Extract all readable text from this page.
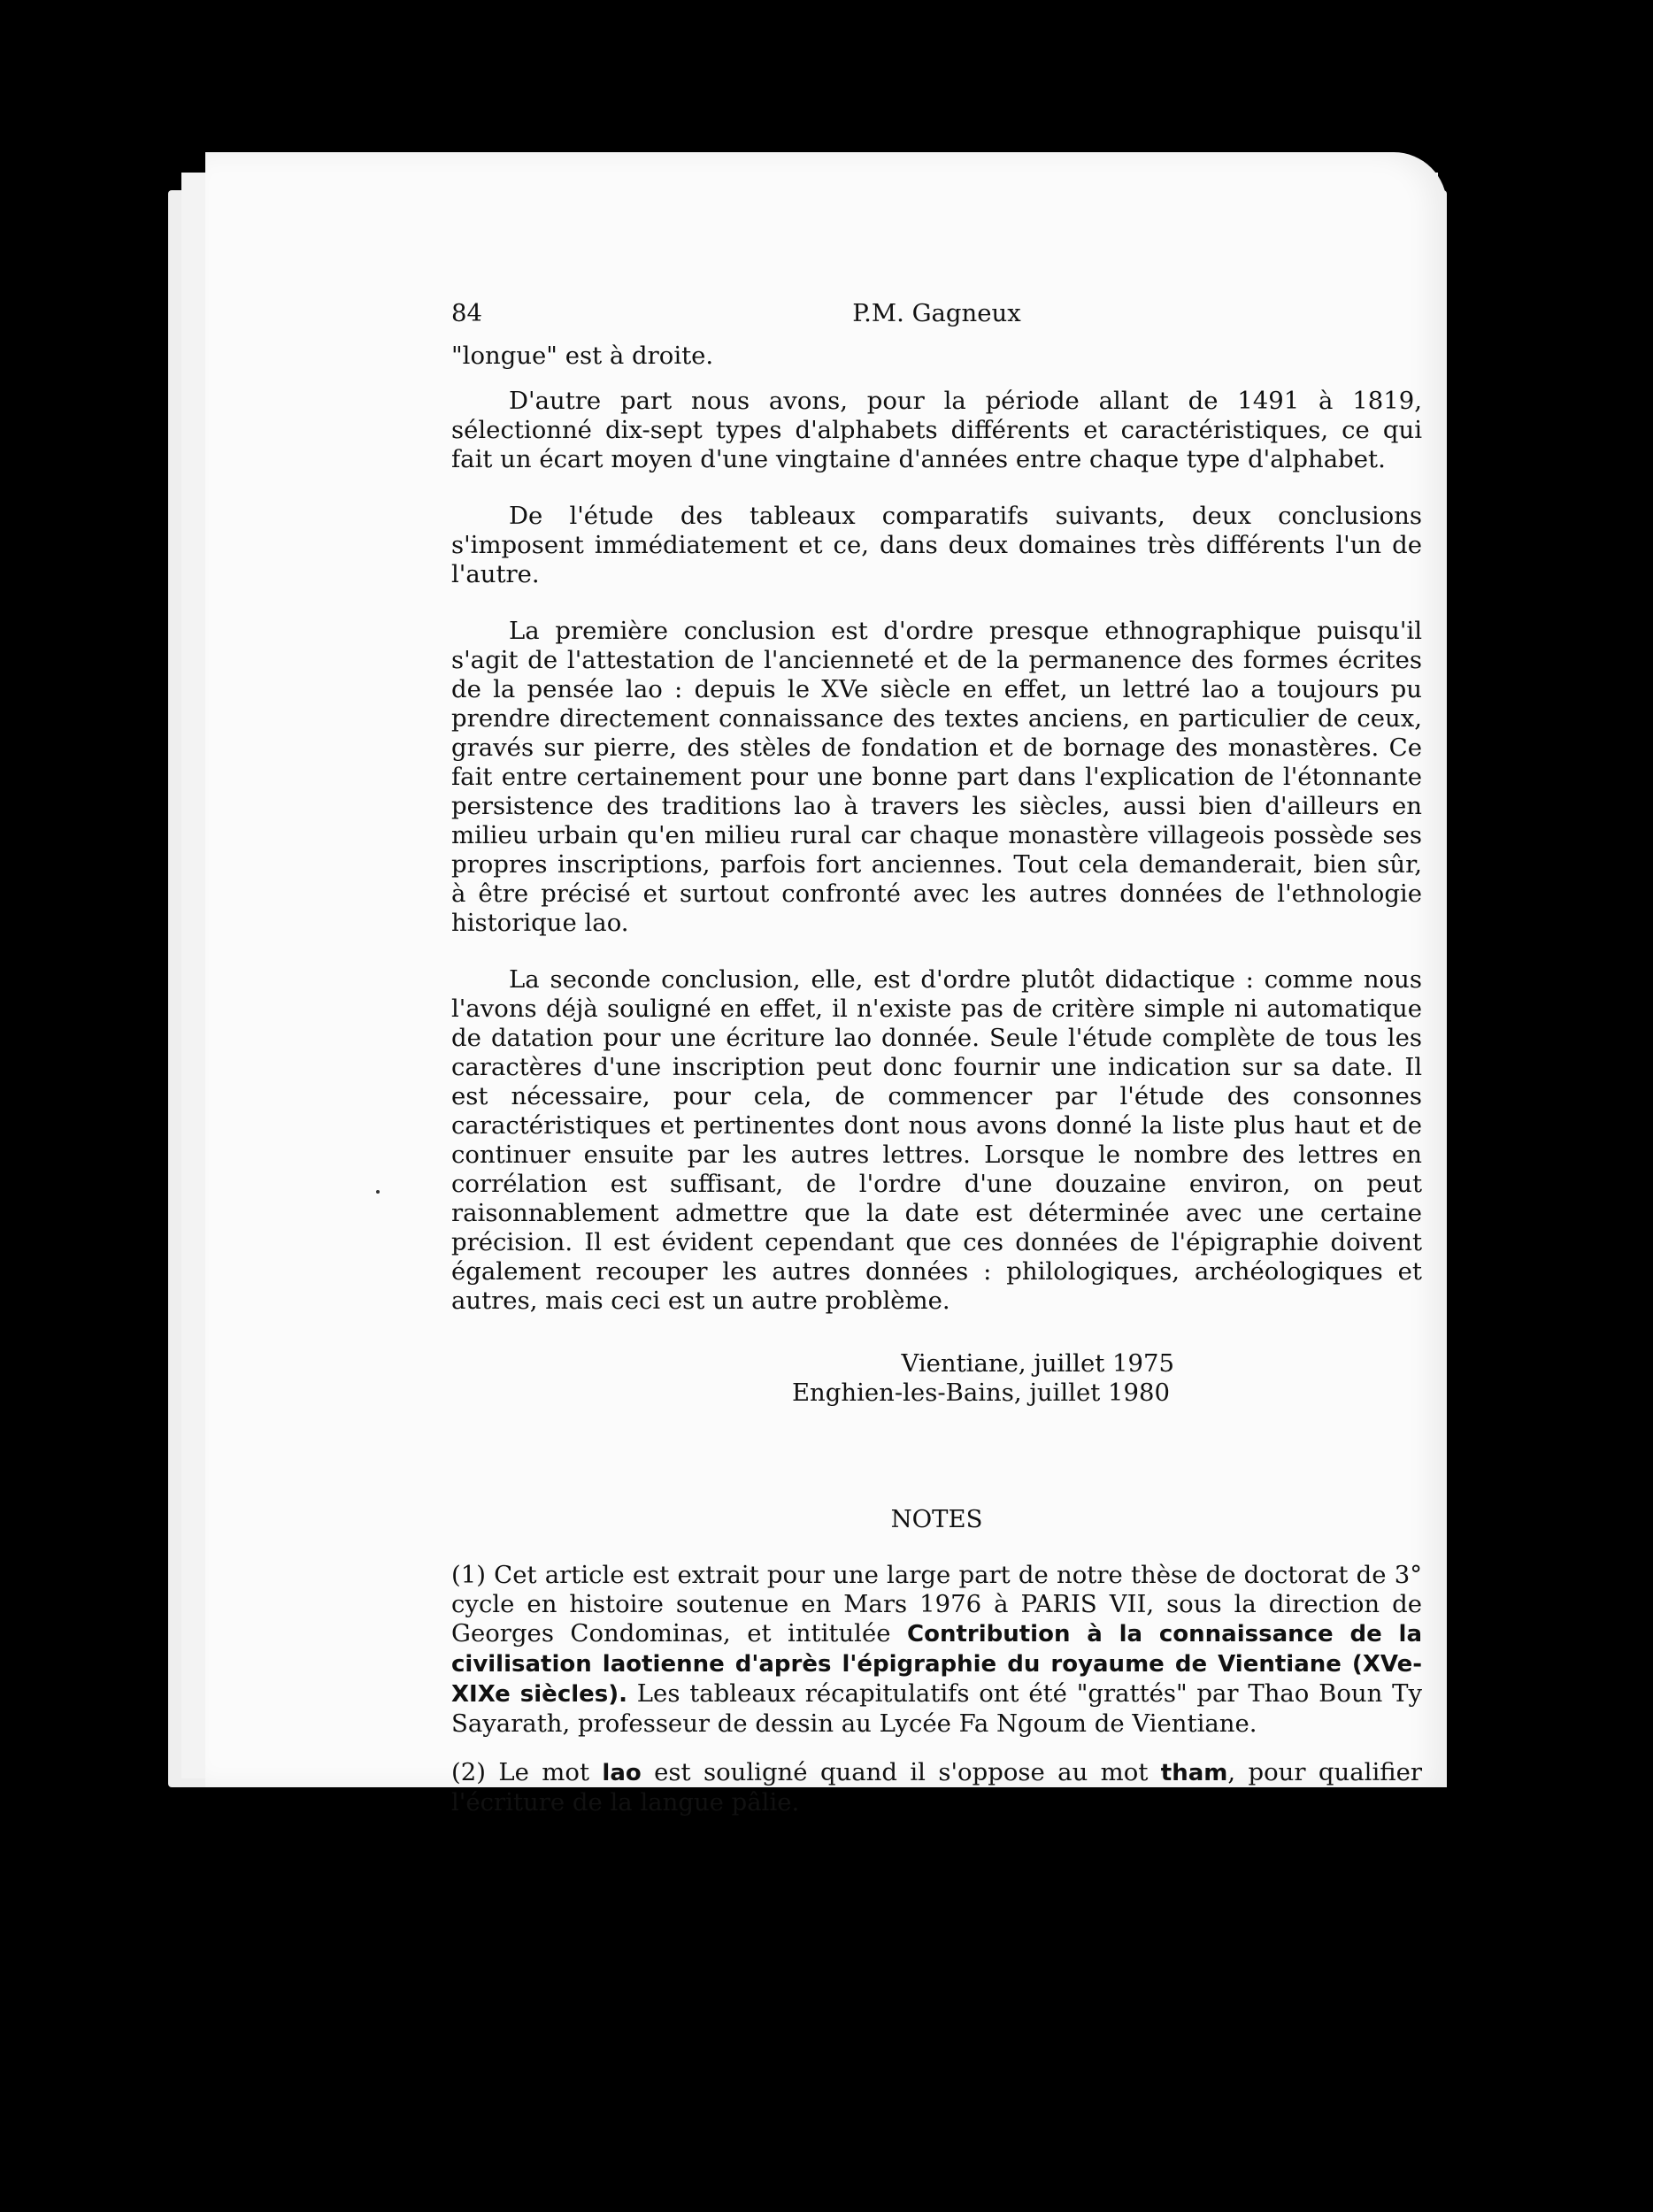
84	P.M. Gagneux

"longue" est à droite.

D'autre part nous avons, pour la période allant de 1491 à 1819, sélectionné dix-sept types d'alphabets différents et caractéristiques, ce qui fait un écart moyen d'une vingtaine d'années entre chaque type d'alphabet.

De l'étude des tableaux comparatifs suivants, deux conclusions s'imposent immédiatement et ce, dans deux domaines très différents l'un de l'autre.

La première conclusion est d'ordre presque ethnographique puisqu'il s'agit de l'attestation de l'ancienneté et de la permanence des formes écrites de la pensée lao : depuis le XVe siècle en effet, un lettré lao a toujours pu prendre directement connaissance des textes anciens, en particulier de ceux, gravés sur pierre, des stèles de fondation et de bornage des monastères. Ce fait entre certainement pour une bonne part dans l'explication de l'étonnante persistence des traditions lao à travers les siècles, aussi bien d'ailleurs en milieu urbain qu'en milieu rural car chaque monastère villageois possède ses propres inscriptions, parfois fort anciennes. Tout cela demanderait, bien sûr, à être précisé et surtout confronté avec les autres données de l'ethnologie historique lao.

La seconde conclusion, elle, est d'ordre plutôt didactique : comme nous l'avons déjà souligné en effet, il n'existe pas de critère simple ni automatique de datation pour une écriture lao donnée. Seule l'étude complète de tous les caractères d'une inscription peut donc fournir une indication sur sa date. Il est nécessaire, pour cela, de commencer par l'étude des consonnes caractéristiques et pertinentes dont nous avons donné la liste plus haut et de continuer ensuite par les autres lettres. Lorsque le nombre des lettres en corrélation est suffisant, de l'ordre d'une douzaine environ, on peut raisonnablement admettre que la date est déterminée avec une certaine précision. Il est évident cependant que ces données de l'épigraphie doivent également recouper les autres données : philologiques, archéologiques et autres, mais ceci est un autre problème.

Vientiane, juillet 1975

Enghien-les-Bains, juillet 1980

NOTES

(1) Cet article est extrait pour une large part de notre thèse de doctorat de 3° cycle en histoire soutenue en Mars 1976 à PARIS VII, sous la direction de Georges Condominas, et intitulée Contribution à la connaissance de la civilisation laotienne d'après l'épigraphie du royaume de Vientiane (XVe-XIXe siècles). Les tableaux récapitulatifs ont été "grattés" par Thao Boun Ty Sayarath, professeur de dessin au Lycée Fa Ngoum de Vientiane.

(2) Le mot lao est souligné quand il s'oppose au mot tham, pour qualifier l'écriture de la langue pâlie.
